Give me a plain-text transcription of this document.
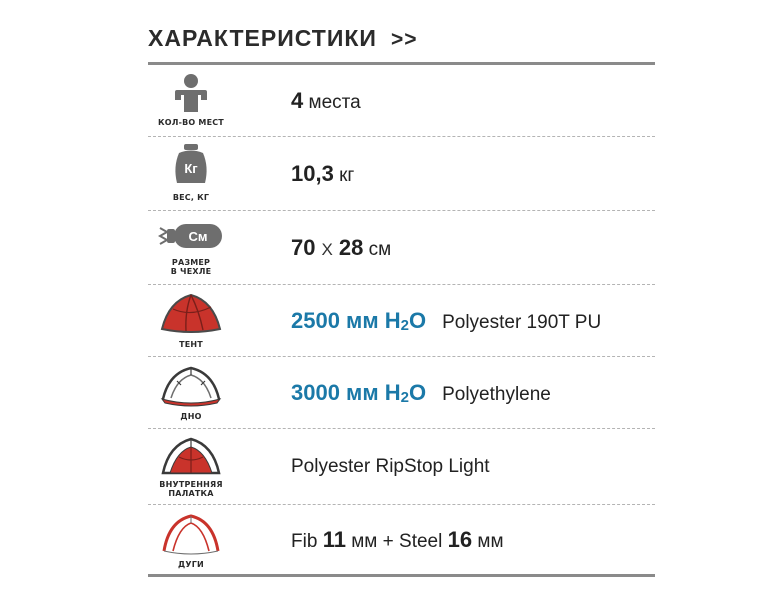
ХАРАКТЕРИСТИКИ >>
КОЛ-ВО МЕСТ
4 места
Кг
ВЕС, КГ
10,3 кг
См
РАЗМЕР
В ЧЕХЛЕ
70 Х 28 см
ТЕНТ
2500 мм $H_2O$ Polyester 190T PU
ДНО
3000 мм $H_2O$ Polyethylene
ВНУТРЕННЯЯ
ПАЛАТКА
Polyester RipStop Light
ДУГИ
Fib 11 мм + Steel 16 мм
